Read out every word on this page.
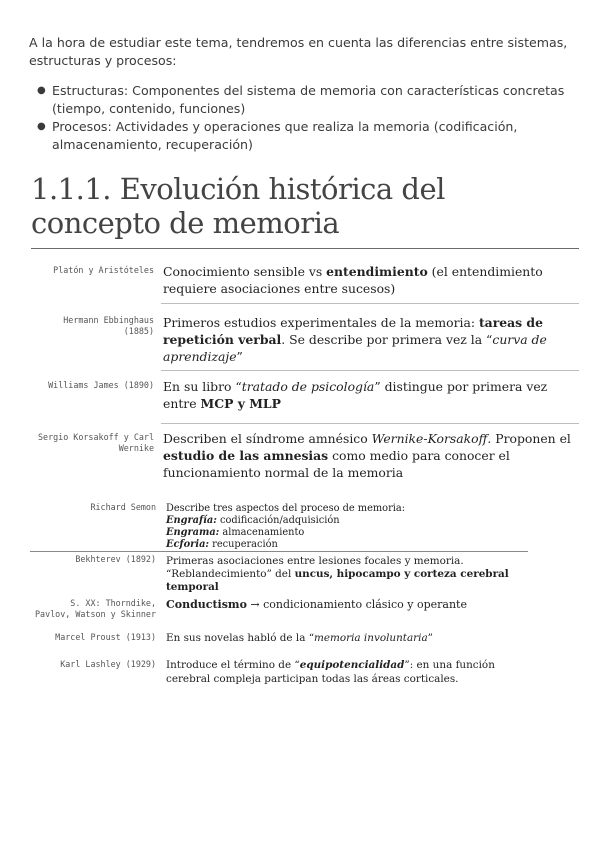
A la hora de estudiar este tema, tendremos en cuenta las diferencias entre sistemas, estructuras y procesos:
● Estructuras: Componentes del sistema de memoria con características concretas (tiempo, contenido, funciones)
● Procesos: Actividades y operaciones que realiza la memoria (codificación, almacenamiento, recuperación)
1.1.1. Evolución histórica del concepto de memoria
Platón y Aristóteles Conocimiento sensible vs entendimiento (el entendimiento requiere asociaciones entre sucesos)
Hermann Ebbinghaus (1885)
Primeros estudios experimentales de la memoria: tareas de repetición verbal. Se describe por primera vez la “curva de aprendizaje”
Williams James (1890) En su libro “tratado de psicología” distingue por primera vez entre MCP y MLP
Sergio Korsakoff y Carl Wernike
Describen el síndrome amnésico Wernike-Korsakoff. Proponen el estudio de las amnesias como medio para conocer el funcionamiento normal de la memoria
Richard Semon Describe tres aspectos del proceso de memoria:
Engrafía: codificación/adquisición
Engrama: almacenamiento
Ecforia: recuperación
Bekhterev (1892) Primeras asociaciones entre lesiones focales y memoria. “Reblandecimiento” del uncus, hipocampo y corteza cerebral temporal
S. XX: Thorndike, Pavlov, Watson y Skinner
Conductismo → condicionamiento clásico y operante
Marcel Proust (1913) En sus novelas habló de la “memoria involuntaria”
Karl Lashley (1929) Introduce el término de “equipotencialidad”: en una función cerebral compleja participan todas las áreas corticales.
